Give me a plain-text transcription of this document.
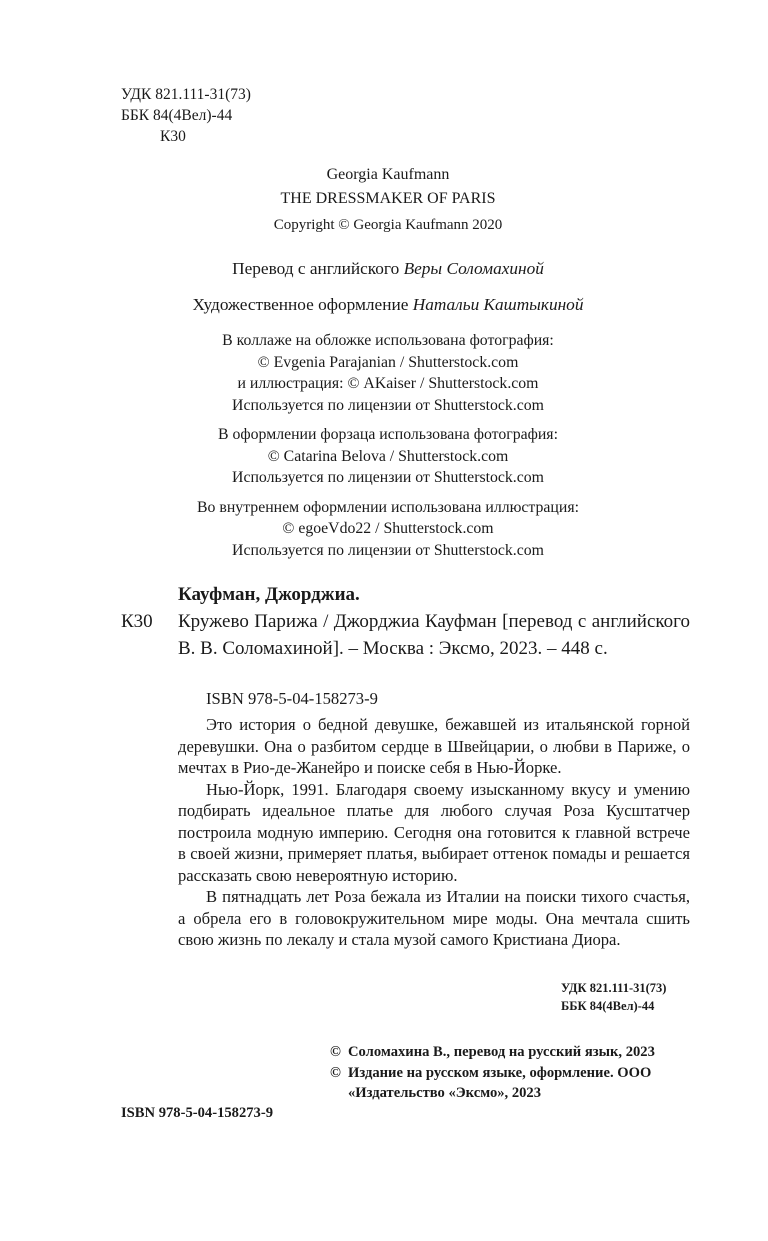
УДК 821.111-31(73)
ББК 84(4Вел)-44
К30
Georgia Kaufmann
THE DRESSMAKER OF PARIS
Copyright © Georgia Kaufmann 2020
Перевод с английского Веры Соломахиной
Художественное оформление Натальи Каштыкиной
В коллаже на обложке использована фотография:
© Evgenia Parajanian / Shutterstock.com
и иллюстрация: © AKaiser / Shutterstock.com
Используется по лицензии от Shutterstock.com
В оформлении форзаца использована фотография:
© Catarina Belova / Shutterstock.com
Используется по лицензии от Shutterstock.com
Во внутреннем оформлении использована иллюстрация:
© egoeVdo22 / Shutterstock.com
Используется по лицензии от Shutterstock.com
Кауфман, Джорджиа.
К30 Кружево Парижа / Джорджиа Кауфман [перевод с английского В. В. Соломахиной]. – Москва : Эксмо, 2023. – 448 с.
ISBN 978-5-04-158273-9

Это история о бедной девушке, бежавшей из итальянской горной деревушки. Она о разбитом сердце в Швейцарии, о любви в Париже, о мечтах в Рио-де-Жанейро и поиске себя в Нью-Йорке.

Нью-Йорк, 1991. Благодаря своему изысканному вкусу и умению подбирать идеальное платье для любого случая Роза Кусштатчер построила модную империю. Сегодня она готовится к главной встрече в своей жизни, примеряет платья, выбирает оттенок помады и решается рассказать свою невероятную историю.

В пятнадцать лет Роза бежала из Италии на поиски тихого счастья, а обрела его в головокружительном мире моды. Она мечтала сшить свою жизнь по лекалу и стала музой самого Кристиана Диора.

УДК 821.111-31(73)
ББК 84(4Вел)-44
© Соломахина В., перевод на русский язык, 2023
© Издание на русском языке, оформление. ООО «Издательство «Эксмо», 2023
ISBN 978-5-04-158273-9
